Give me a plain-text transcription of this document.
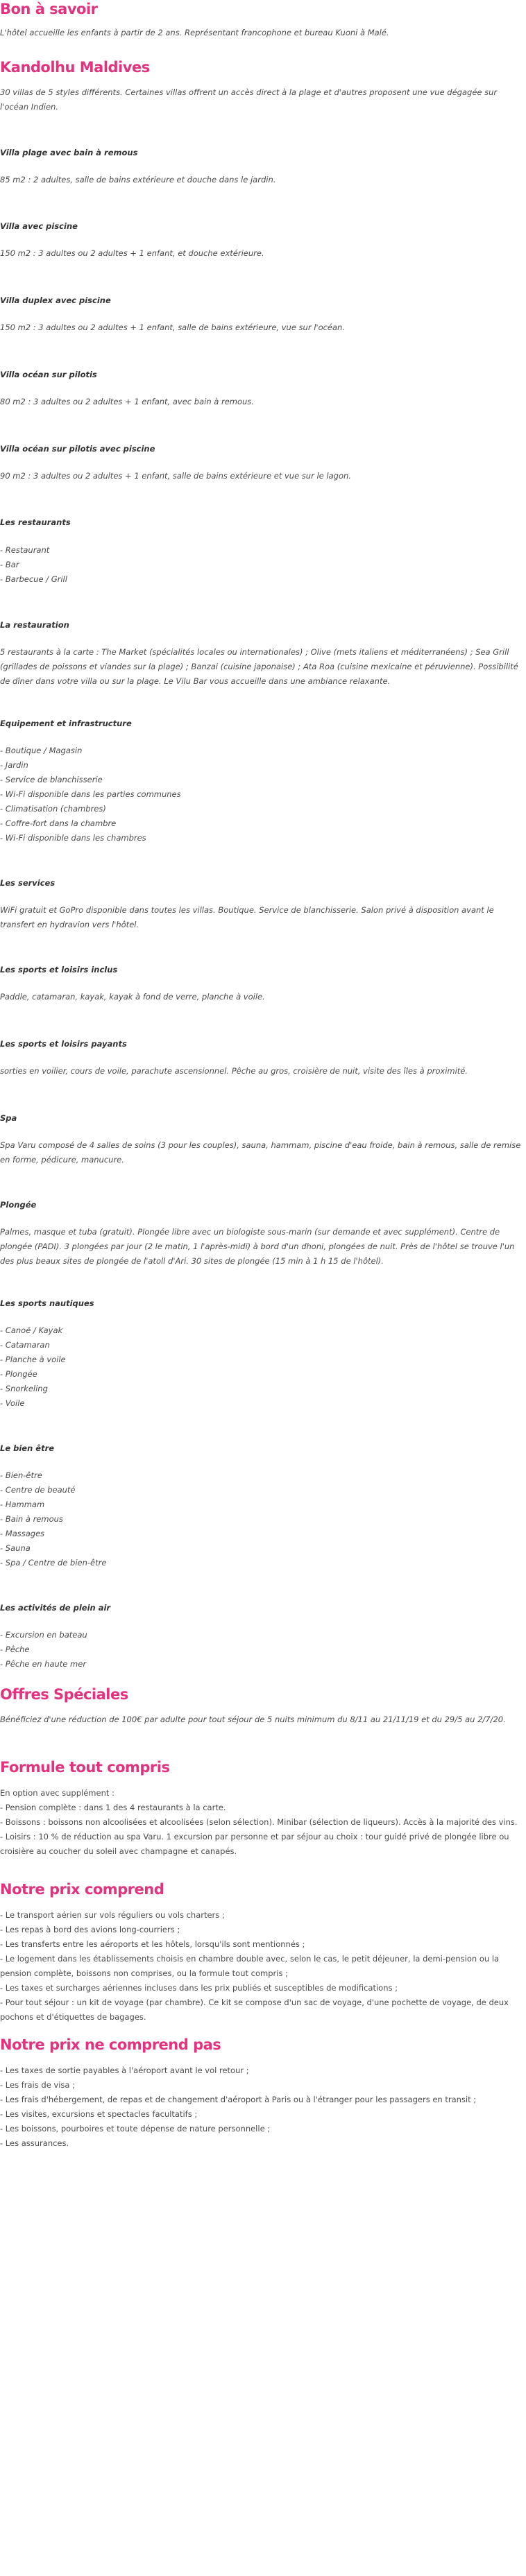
Bon à savoir
L'hôtel accueille les enfants à partir de 2 ans. Représentant francophone et bureau Kuoni à Malé.
Kandolhu Maldives
30 villas de 5 styles différents. Certaines villas offrent un accès direct à la plage et d'autres proposent une vue dégagée sur l'océan Indien.
Villa plage avec bain à remous
85 m2 : 2 adultes, salle de bains extérieure et douche dans le jardin.
Villa avec piscine
150 m2 : 3 adultes ou 2 adultes + 1 enfant, et douche extérieure.
Villa duplex avec piscine
150 m2 : 3 adultes ou 2 adultes + 1 enfant, salle de bains extérieure, vue sur l'océan.
Villa océan sur pilotis
80 m2 : 3 adultes ou 2 adultes + 1 enfant, avec bain à remous.
Villa océan sur pilotis avec piscine
90 m2 : 3 adultes ou 2 adultes + 1 enfant, salle de bains extérieure et vue sur le lagon.
Les restaurants
- Restaurant
- Bar
- Barbecue / Grill
La restauration
5 restaurants à la carte : The Market (spécialités locales ou internationales) ; Olive (mets italiens et méditerranéens) ; Sea Grill (grillades de poissons et viandes sur la plage) ; Banzai (cuisine japonaise) ; Ata Roa (cuisine mexicaine et péruvienne). Possibilité de dîner dans votre villa ou sur la plage. Le Vilu Bar vous accueille dans une ambiance relaxante.
Equipement et infrastructure
- Boutique / Magasin
- Jardin
- Service de blanchisserie
- Wi-Fi disponible dans les parties communes
- Climatisation (chambres)
- Coffre-fort dans la chambre
- Wi-Fi disponible dans les chambres
Les services
WiFi gratuit et GoPro disponible dans toutes les villas. Boutique. Service de blanchisserie. Salon privé à disposition avant le transfert en hydravion vers l'hôtel.
Les sports et loisirs inclus
Paddle, catamaran, kayak, kayak à fond de verre, planche à voile.
Les sports et loisirs payants
sorties en voilier, cours de voile, parachute ascensionnel. Pêche au gros, croisière de nuit, visite des îles à proximité.
Spa
Spa Varu composé de 4 salles de soins (3 pour les couples), sauna, hammam, piscine d'eau froide, bain à remous, salle de remise en forme, pédicure, manucure.
Plongée
Palmes, masque et tuba (gratuit). Plongée libre avec un biologiste sous-marin (sur demande et avec supplément). Centre de plongée (PADI). 3 plongées par jour (2 le matin, 1 l'après-midi) à bord d'un dhoni, plongées de nuit. Près de l'hôtel se trouve l'un des plus beaux sites de plongée de l'atoll d'Ari. 30 sites de plongée (15 min à 1 h 15 de l'hôtel).
Les sports nautiques
- Canoë / Kayak
- Catamaran
- Planche à voile
- Plongée
- Snorkeling
- Voile
Le bien être
- Bien-être
- Centre de beauté
- Hammam
- Bain à remous
- Massages
- Sauna
- Spa / Centre de bien-être
Les activités de plein air
- Excursion en bateau
- Pêche
- Pêche en haute mer
Offres Spéciales
Bénéficiez d'une réduction de 100€ par adulte pour tout séjour de 5 nuits minimum du 8/11 au 21/11/19 et du 29/5 au 2/7/20.
Formule tout compris
En option avec supplément :
- Pension complète : dans 1 des 4 restaurants à la carte.
- Boissons : boissons non alcoolisées et alcoolisées (selon sélection). Minibar (sélection de liqueurs). Accès à la majorité des vins.
- Loisirs : 10 % de réduction au spa Varu. 1 excursion par personne et par séjour au choix : tour guidé privé de plongée libre ou croisière au coucher du soleil avec champagne et canapés.
Notre prix comprend
- Le transport aérien sur vols réguliers ou vols charters ;
- Les repas à bord des avions long-courriers ;
- Les transferts entre les aéroports et les hôtels, lorsqu'ils sont mentionnés ;
- Le logement dans les établissements choisis en chambre double avec, selon le cas, le petit déjeuner, la demi-pension ou la pension complète, boissons non comprises, ou la formule tout compris ;
- Les taxes et surcharges aériennes incluses dans les prix publiés et susceptibles de modifications ;
- Pour tout séjour : un kit de voyage (par chambre). Ce kit se compose d'un sac de voyage, d'une pochette de voyage, de deux pochons et d'étiquettes de bagages.
Notre prix ne comprend pas
- Les taxes de sortie payables à l'aéroport avant le vol retour ;
- Les frais de visa ;
- Les frais d'hébergement, de repas et de changement d'aéroport à Paris ou à l'étranger pour les passagers en transit ;
- Les visites, excursions et spectacles facultatifs ;
- Les boissons, pourboires et toute dépense de nature personnelle ;
- Les assurances.
